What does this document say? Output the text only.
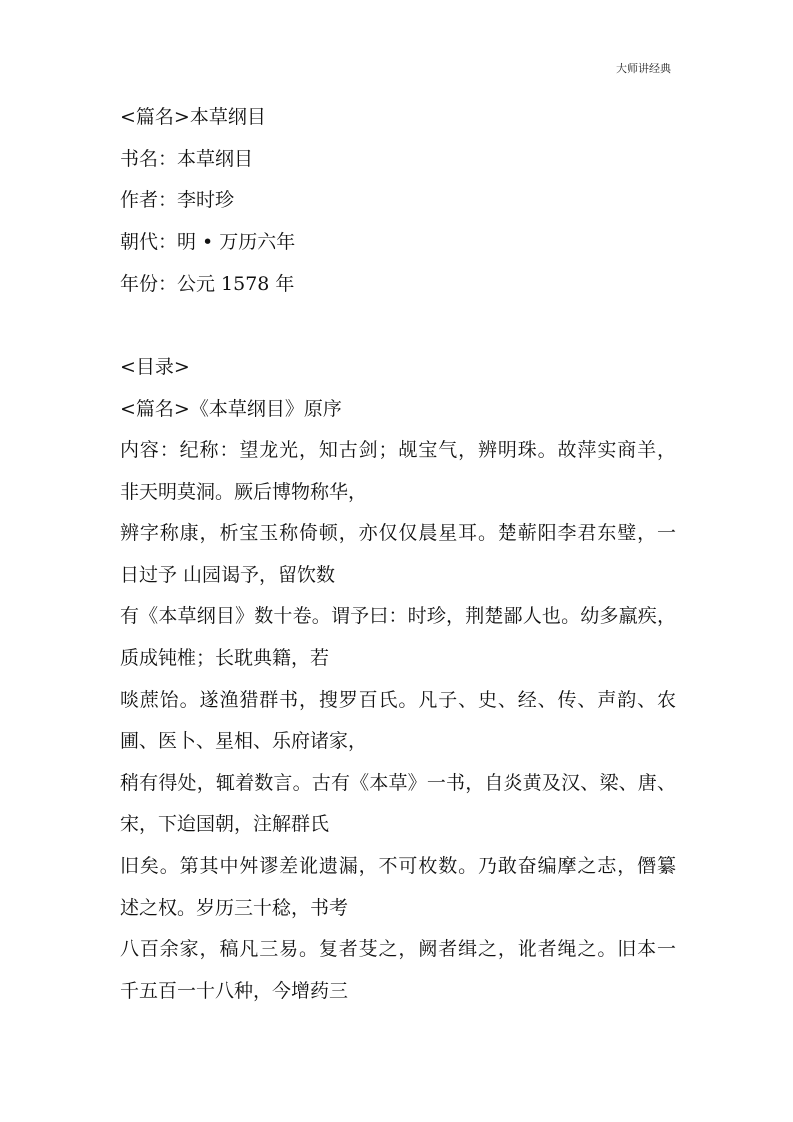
大师讲经典
<篇名>本草纲目
书名：本草纲目
作者：李时珍
朝代：明 • 万历六年
年份：公元 1578 年
<目录>
<篇名>《本草纲目》原序
内容：纪称：望龙光，知古剑；觇宝气，辨明珠。故萍实商羊，
非天明莫洞。厥后博物称华，
辨字称康，析宝玉称倚顿，亦仅仅晨星耳。楚蕲阳李君东璧，一
日过予 山园谒予，留饮数
有《本草纲目》数十卷。谓予曰：时珍，荆楚鄙人也。幼多羸疾，
质成钝椎；长耽典籍，若
啖蔗饴。遂渔猎群书，搜罗百氏。凡子、史、经、传、声韵、农
圃、医卜、星相、乐府诸家，
稍有得处，辄着数言。古有《本草》一书，自炎黄及汉、梁、唐、
宋，下迨国朝，注解群氏
旧矣。第其中舛谬差讹遗漏，不可枚数。乃敢奋编摩之志，僭纂
述之权。岁历三十稔，书考
八百余家，稿凡三易。复者芟之，阙者缉之，讹者绳之。旧本一
千五百一十八种，今增药三
